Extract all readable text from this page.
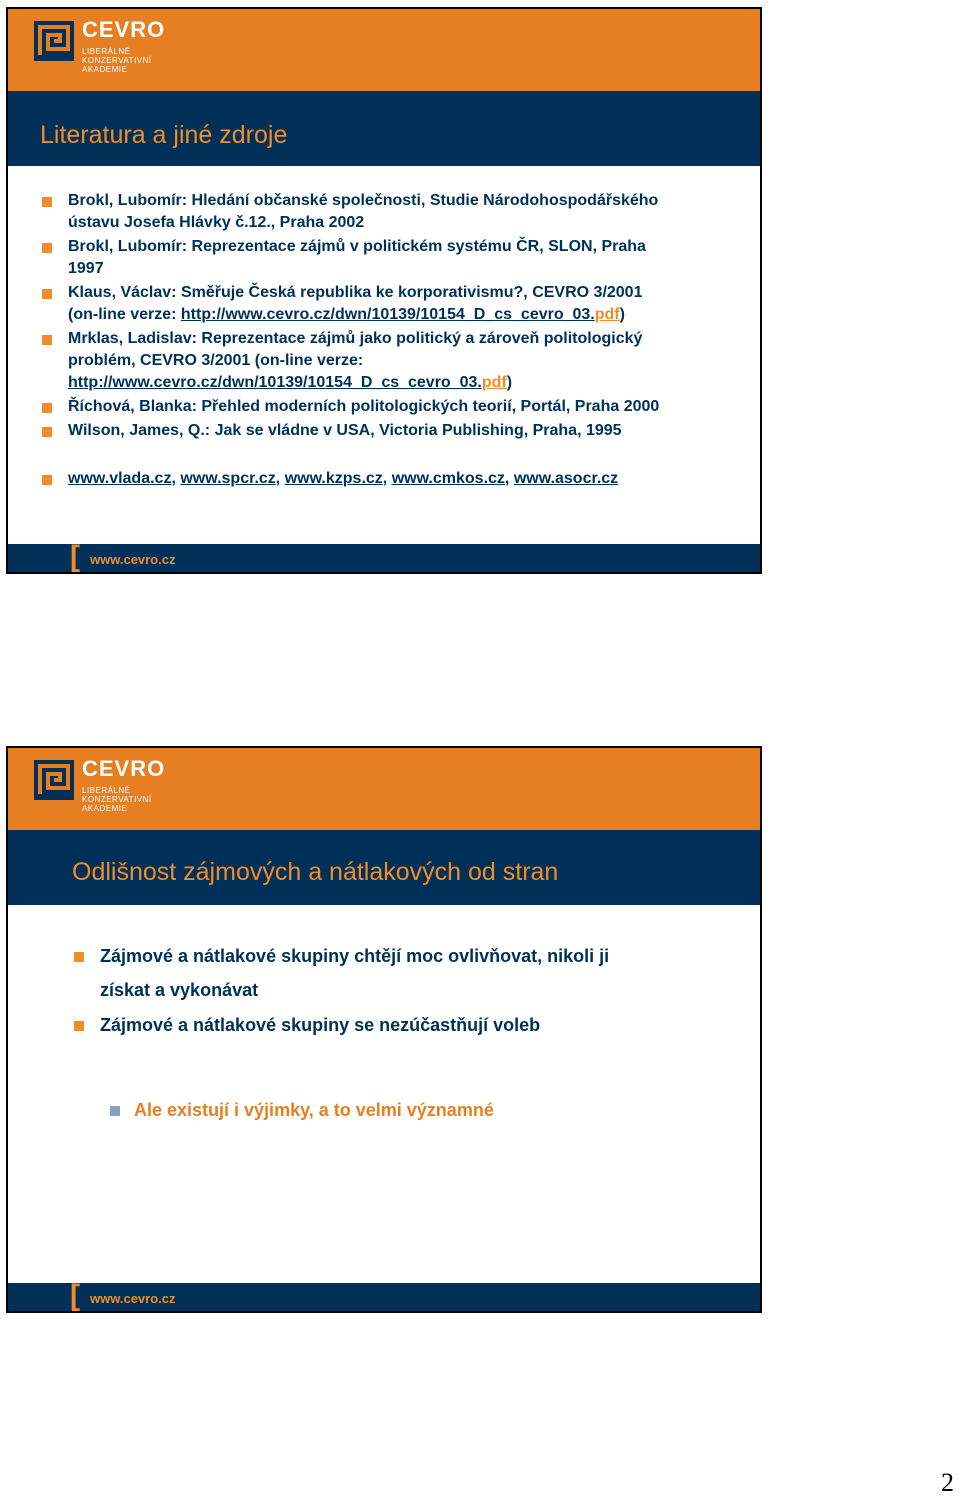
CEVRO
LIBERÁLNĚ
KONZERVATIVNÍ
AKADEMIE
Literatura a jiné zdroje
Brokl, Lubomír: Hledání občanské společnosti, Studie Národohospodářského
ústavu Josefa Hlávky č.12., Praha 2002
Brokl, Lubomír: Reprezentace zájmů v politickém systému ČR, SLON, Praha
1997
Klaus, Václav: Směřuje Česká republika ke korporativismu?, CEVRO 3/2001
(on-line verze: http://www.cevro.cz/dwn/10139/10154_D_cs_cevro_03.pdf)
Mrklas, Ladislav: Reprezentace zájmů jako politický a zároveň politologický
problém, CEVRO 3/2001 (on-line verze:
http://www.cevro.cz/dwn/10139/10154_D_cs_cevro_03.pdf)
Říchová, Blanka: Přehled moderních politologických teorií, Portál, Praha 2000
Wilson, James, Q.: Jak se vládne v USA, Victoria Publishing, Praha, 1995
www.vlada.cz, www.spcr.cz, www.kzps.cz, www.cmkos.cz, www.asocr.cz
[ www.cevro.cz
CEVRO
LIBERÁLNĚ
KONZERVATIVNÍ
AKADEMIE
Odlišnost zájmových a nátlakových od stran
Zájmové a nátlakové skupiny chtějí moc ovlivňovat, nikoli ji
získat a vykonávat
Zájmové a nátlakové skupiny se nezúčastňují voleb
Ale existují i výjimky, a to velmi významné
[ www.cevro.cz
2
